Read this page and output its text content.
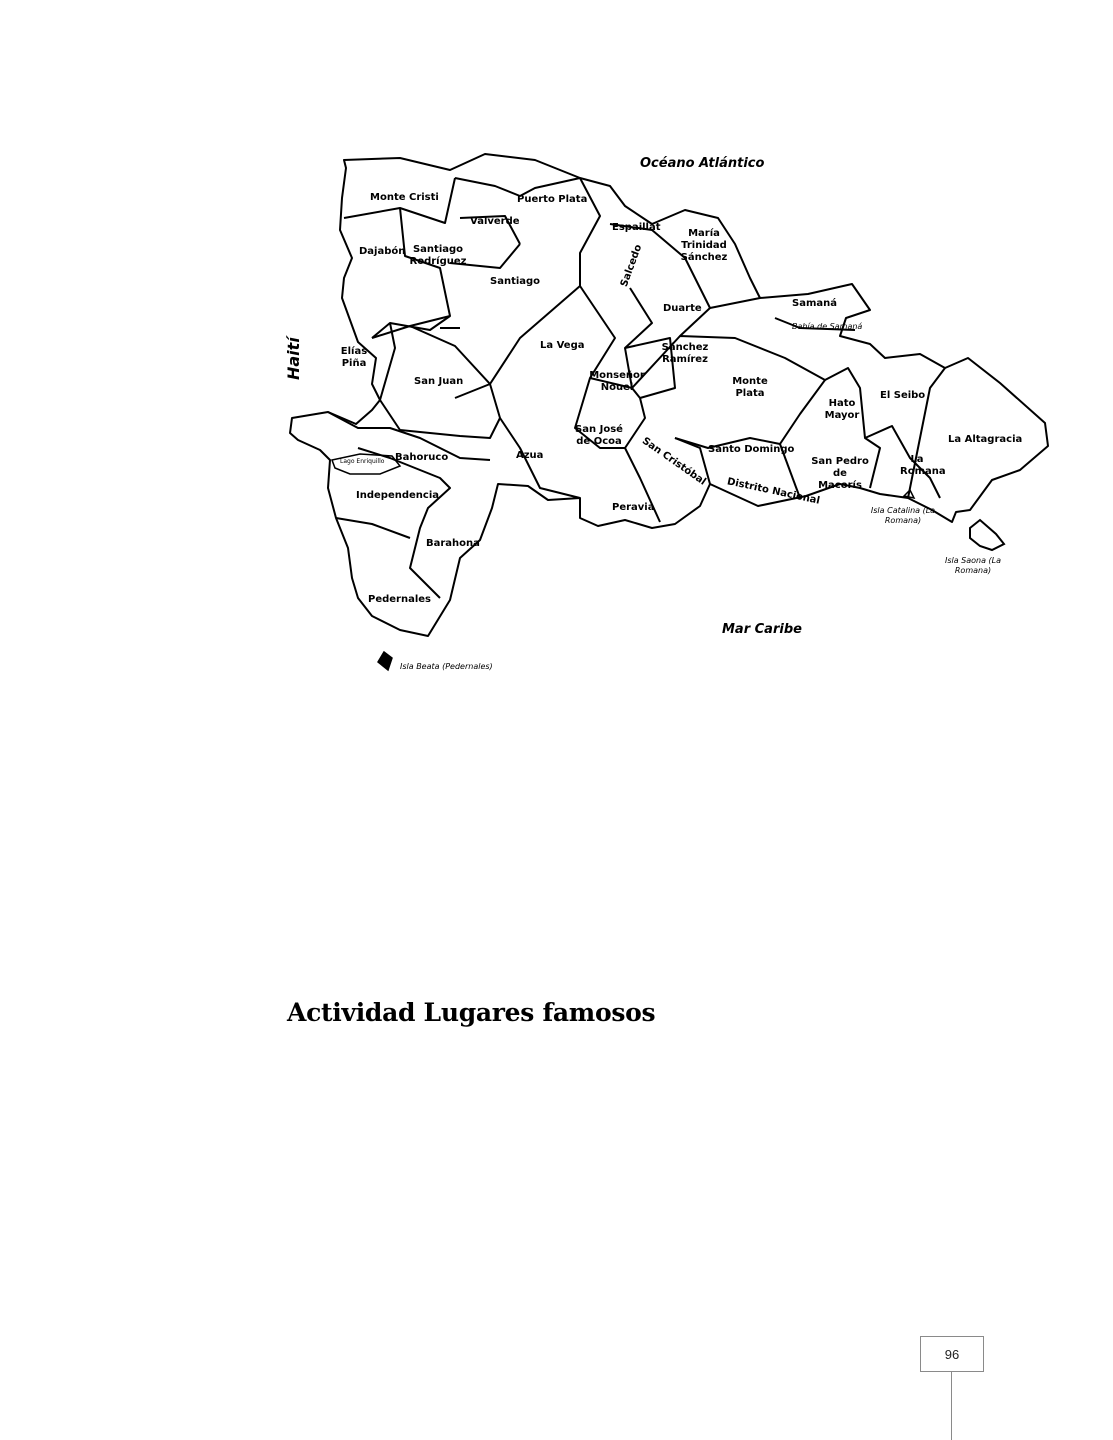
Océano Atlántico
Mar Caribe
Bahía de Samaná
Lago Enriquillo
Haití
Monte Cristi	Puerto Plata
Valverde
Dajabón Santiago Rodríguez
Santiago
Espaillat
María Trinidad Sánchez
Salcedo
Duarte	Samaná
Elías Piña
San Juan
La Vega	Sánchez Ramírez
Monseñor Nouel
Monte Plata
Hato Mayor
El Seibo
La Altagracia
San José de Ocoa
Azua
Bahoruco
Independencia
San Cristóbal Santo Domingo
San Pedro de Macorís
La Romana
Distrito Nacional
Peravia
Barahona
Pedernales
Isla Catalina (La Romana)
Isla Saona (La Romana)
Isla Beata (Pedernales)
Actividad Lugares famosos
96
